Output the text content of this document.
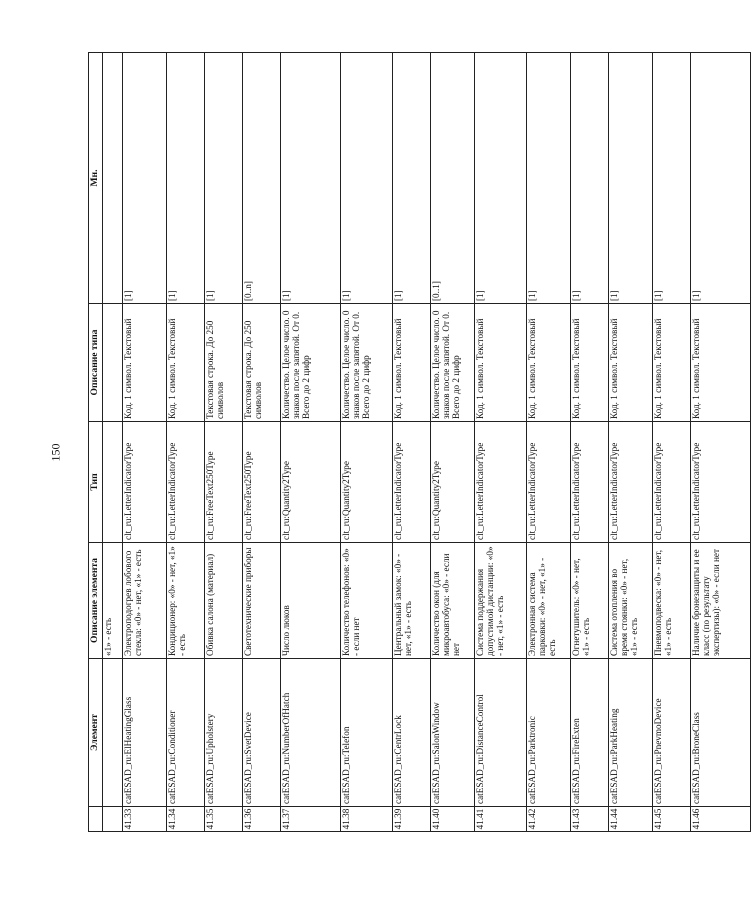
150
	Элемент	Описание элемента	Тип	Описание типа	Мн.
		«1» - есть			
41.33	catESAD_ru:ElHeatingGlass	Электроподогрев лобового стекла: «0» - нет, «1» - есть	clt_ru:LetterIndicatorType	Код. 1 символ. Текстовый	[1]
41.34	catESAD_ru:Conditioner	Кондиционер: «0» - нет, «1» - есть	clt_ru:LetterIndicatorType	Код. 1 символ. Текстовый	[1]
41.35	catESAD_ru:Upholstery	Обивка салона (материал)	clt_ru:FreeText250Type	Текстовая строка. До 250 символов	[1]
41.36	catESAD_ru:SvetDevice	Светотехнические приборы	clt_ru:FreeText250Type	Текстовая строка. До 250 символов	[0..n]
41.37	catESAD_ru:NumberOfHatch	Число люков	clt_ru:Quantity2Type	Количество. Целое число. 0 знаков после запятой. От 0. Всего до 2 цифр	[1]
41.38	catESAD_ru:Telefon	Количество телефонов: «0» - если нет	clt_ru:Quantity2Type	Количество. Целое число. 0 знаков после запятой. От 0. Всего до 2 цифр	[1]
41.39	catESAD_ru:CentrLock	Центральный замок: «0» - нет, «1» - есть	clt_ru:LetterIndicatorType	Код. 1 символ. Текстовый	[1]
41.40	catESAD_ru:SalonWindow	Количество окон (для микроавтобуса: «0» - если нет	clt_ru:Quantity2Type	Количество. Целое число. 0 знаков после запятой. От 0. Всего до 2 цифр	[0..1]
41.41	catESAD_ru:DistanceControl	Система поддержания допустимой дистанции: «0» - нет, «1» - есть	clt_ru:LetterIndicatorType	Код. 1 символ. Текстовый	[1]
41.42	catESAD_ru:Parktronic	Электронная система парковки: «0» - нет, «1» - есть	clt_ru:LetterIndicatorType	Код. 1 символ. Текстовый	[1]
41.43	catESAD_ru:FireExten	Огнетушитель: «0» - нет, «1» - есть	clt_ru:LetterIndicatorType	Код. 1 символ. Текстовый	[1]
41.44	catESAD_ru:ParkHeating	Система отопления во время стоянки: «0» - нет, «1» - есть	clt_ru:LetterIndicatorType	Код. 1 символ. Текстовый	[1]
41.45	catESAD_ru:PnevmoDevice	Пневмоподвеска: «0» - нет, «1» - есть	clt_ru:LetterIndicatorType	Код. 1 символ. Текстовый	[1]
41.46	catESAD_ru:BroneClass	Наличие бронезащиты и ее класс (по результату экспертизы): «0» - если нет	clt_ru:LetterIndicatorType	Код. 1 символ. Текстовый	[1]
